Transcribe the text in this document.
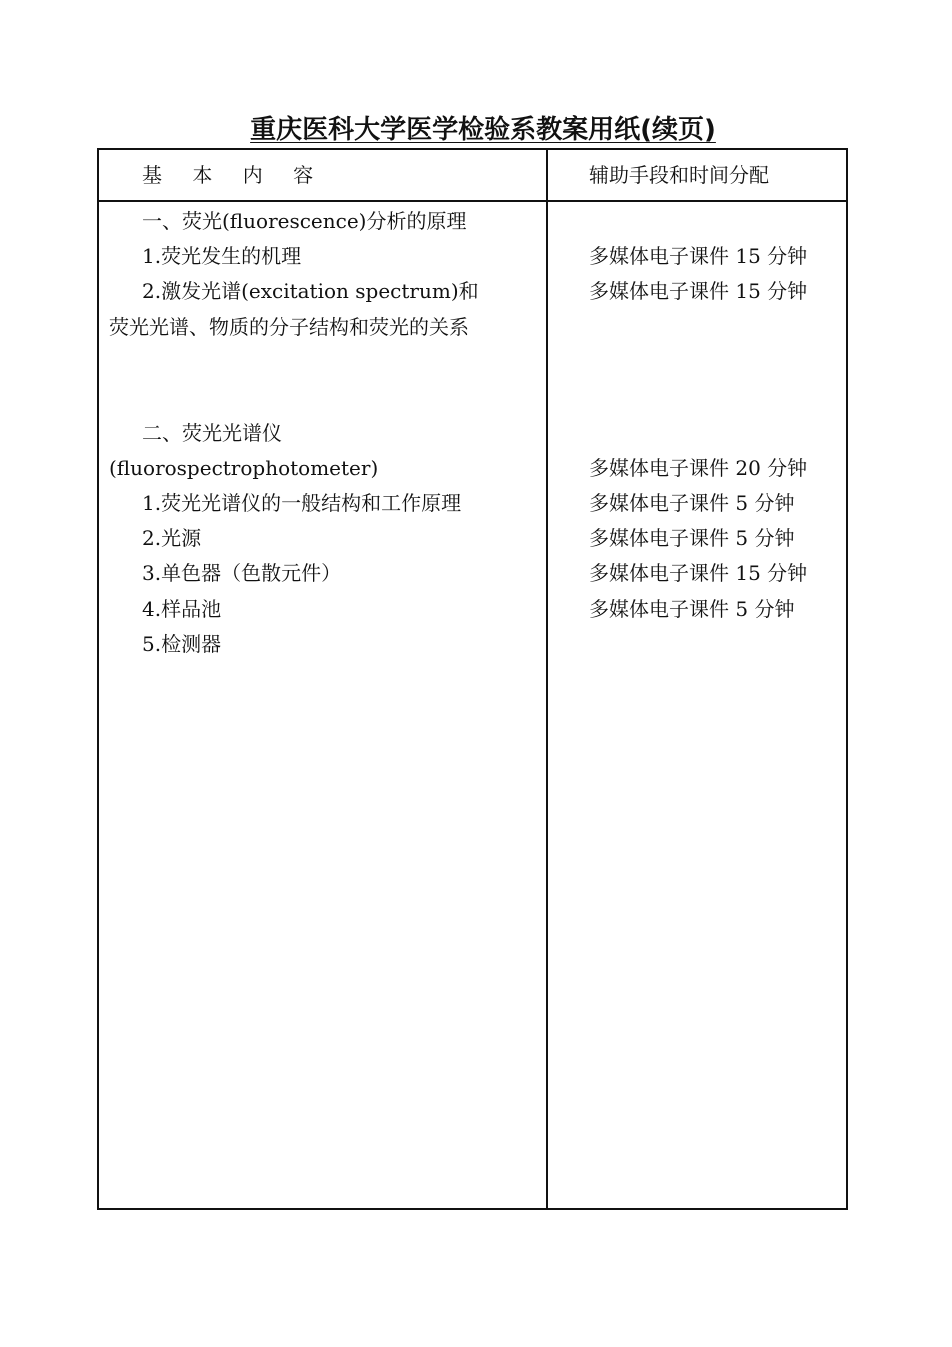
重庆医科大学医学检验系教案用纸(续页)
基 本 内 容	辅助手段和时间分配
一、荧光(fluorescence)分析的原理
1.荧光发生的机理
2.激发光谱(excitation spectrum)和
荧光光谱、物质的分子结构和荧光的关系
二、荧光光谱仪
(fluorospectrophotometer)
1.荧光光谱仪的一般结构和工作原理
2.光源
3.单色器（色散元件）
4.样品池
5.检测器
多媒体电子课件 15 分钟
多媒体电子课件 15 分钟
多媒体电子课件 20 分钟
多媒体电子课件 5 分钟
多媒体电子课件 5 分钟
多媒体电子课件 15 分钟
多媒体电子课件 5 分钟
